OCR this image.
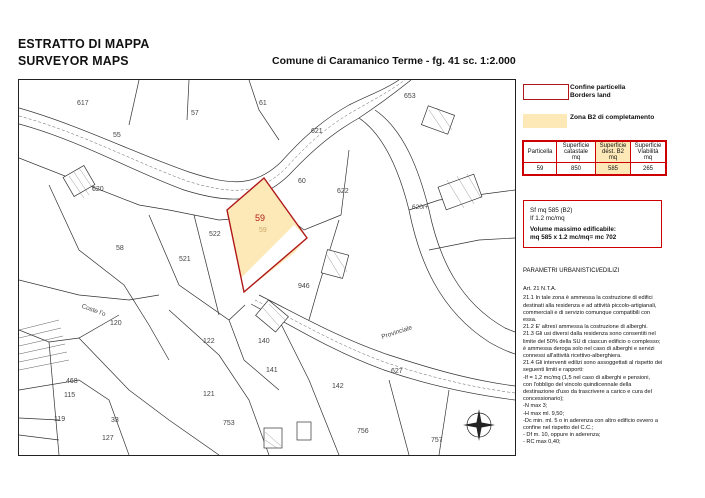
ESTRATTO DI MAPPA
SURVEYOR MAPS	Comune di Caramanico Terme - fg. 41 sc. 1:2.000
617
55
57
61
653
621
60
622
620
58
522
521
59
946
120
122	140
141
142
468
115	121
753
119	33
127
756
757
627
59
620/+
Coste l'o
Provinciale
Confine particella
Borders land
Zona B2 di completamento
Particella	Superficie catastale mq	Superficie dest. B2 mq	Superficie Viabilità mq
59	850	585	265
Sf mq 585 (B2)
If 1.2 mc/mq
Volume massimo edificabile:
mq 585 x 1.2 mc/mq= mc 702
PARAMETRI URBANISTICI/EDILIZI
Art. 21 N.T.A.
21.1 In tale zona è ammessa la costruzione di edifici
destinati alla residenza e ad attività piccolo-artigianali,
commerciali e di servizio comunque compatibili con
essa.
21.2 E' altresì ammessa la costruzione di alberghi.
21.3 Gli usi diversi dalla residenza sono consentiti nel
limite del 50% della SU di ciascun edificio o complesso;
è ammessa deroga solo nel caso di alberghi e servizi
connessi all'attività ricettivo-alberghiera.
21.4 Gli interventi edilizi sono assoggettati al rispetto dei
seguenti limiti e rapporti:
-If = 1,2 mc/mq (1,5 nel caso di alberghi e pensioni,
con l'obbligo del vincolo quindicennale della
destinazione d'uso da trascrivere a carico e cura del
concessionario);
-N max 3;
-H max ml. 9,50;
-Dc min. ml. 5 o in aderenza con altro edificio ovvero a
confine nel rispetto del C.C.;
- Df m. 10, oppure in aderenza;
- RC max 0,40;
